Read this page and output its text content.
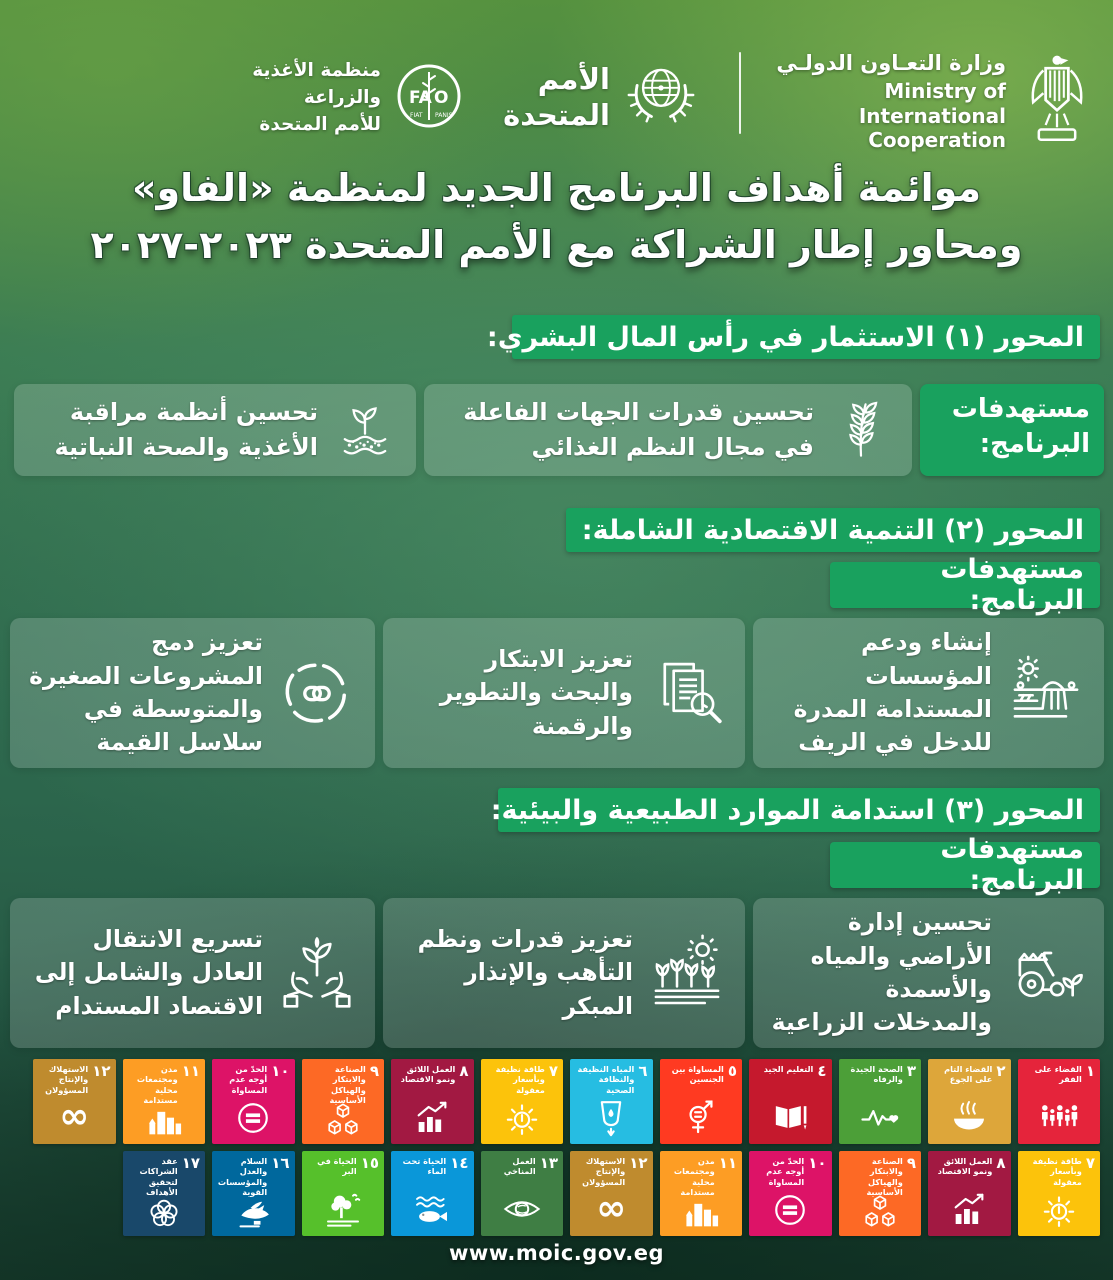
منظمة الأغذية والزراعة
للأمم المتحدة
FA O
FIAT PANIS
الأمم
المتحدة
وزارة التعـاون الدولـي
Ministry of International
Cooperation
موائمة أهداف البرنامج الجديد لمنظمة «الفاو»
ومحاور إطار الشراكة مع الأمم المتحدة ٢٠٢٧-٢٠٢٣
المحور (١) الاستثمار في رأس المال البشري:
مستهدفات البرنامج:

تحسين قدرات الجهات الفاعلة في مجال النظم الغذائي

تحسين أنظمة مراقبة الأغذية والصحة النباتية

المحور (٢) التنمية الاقتصادية الشاملة:
مستهدفات البرنامج:

إنشاء ودعم المؤسسات المستدامة المدرة للدخل في الريف

تعزيز الابتكار والبحث والتطوير والرقمنة

تعزيز دمج المشروعات الصغيرة والمتوسطة في سلاسل القيمة

المحور (٣) استدامة الموارد الطبيعية والبيئية:
مستهدفات البرنامج:

تحسين إدارة الأراضي والمياه والأسمدة والمدخلات الزراعية

تعزيز قدرات ونظم التأهب والإنذار المبكر

تسريع الانتقال العادل والشامل إلى الاقتصاد المستدام

١
القضاء على الفقر
٢
القضاء التام على الجوع
٣
الصحة الجيدة والرفاه
٤
التعليم الجيد
٥
المساواة بين الجنسين
٦
المياه النظيفة والنظافة الصحية
٧
طاقة نظيفة وبأسعار معقولة
٨
العمل اللائق ونمو الاقتصاد
٩
الصناعة والابتكار والهياكل الأساسية
١٠
الحدّ من أوجه عدم المساواة
١١
مدن ومجتمعات محلية مستدامة
١٢
الاستهلاك والإنتاج المسؤولان
∞
٧
طاقة نظيفة وبأسعار معقولة
٨
العمل اللائق ونمو الاقتصاد
٩
الصناعة والابتكار والهياكل الأساسية
١٠
الحدّ من أوجه عدم المساواة
١١
مدن ومجتمعات محلية مستدامة
١٢
الاستهلاك والإنتاج المسؤولان
∞
١٣
العمل المناخي
١٤
الحياة تحت الماء
١٥
الحياة في البر
١٦
السلام والعدل والمؤسسات القوية
١٧
عقد الشراكات لتحقيق الأهداف
www.moic.gov.eg
